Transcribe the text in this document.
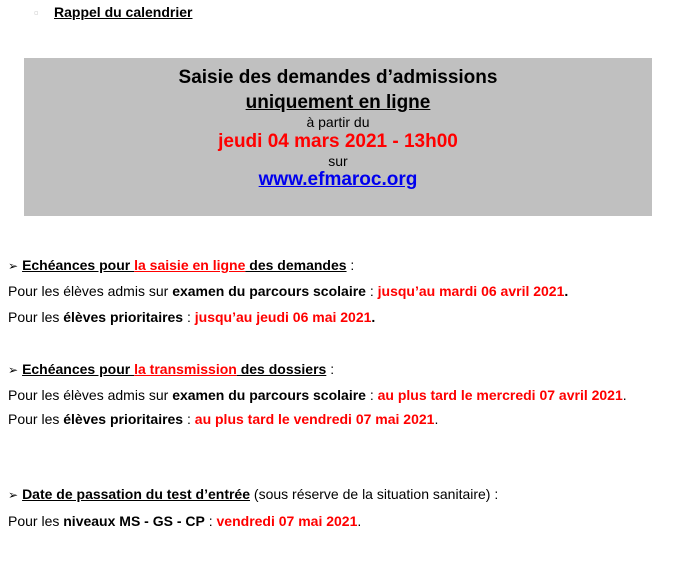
▫	Rappel du calendrier
Saisie des demandes d’admissions
uniquement en ligne
à partir du
jeudi 04 mars 2021 - 13h00
sur
www.efmaroc.org
➢ Echéances pour la saisie en ligne des demandes :
Pour les élèves admis sur examen du parcours scolaire : jusqu’au mardi 06 avril 2021.
Pour les élèves prioritaires : jusqu’au jeudi 06 mai 2021.
➢ Echéances pour la transmission des dossiers :
Pour les élèves admis sur examen du parcours scolaire : au plus tard le mercredi 07 avril 2021.
Pour les élèves prioritaires : au plus tard le vendredi 07 mai 2021.
➢ Date de passation du test d’entrée (sous réserve de la situation sanitaire) :
Pour les niveaux MS - GS - CP : vendredi 07 mai 2021.
